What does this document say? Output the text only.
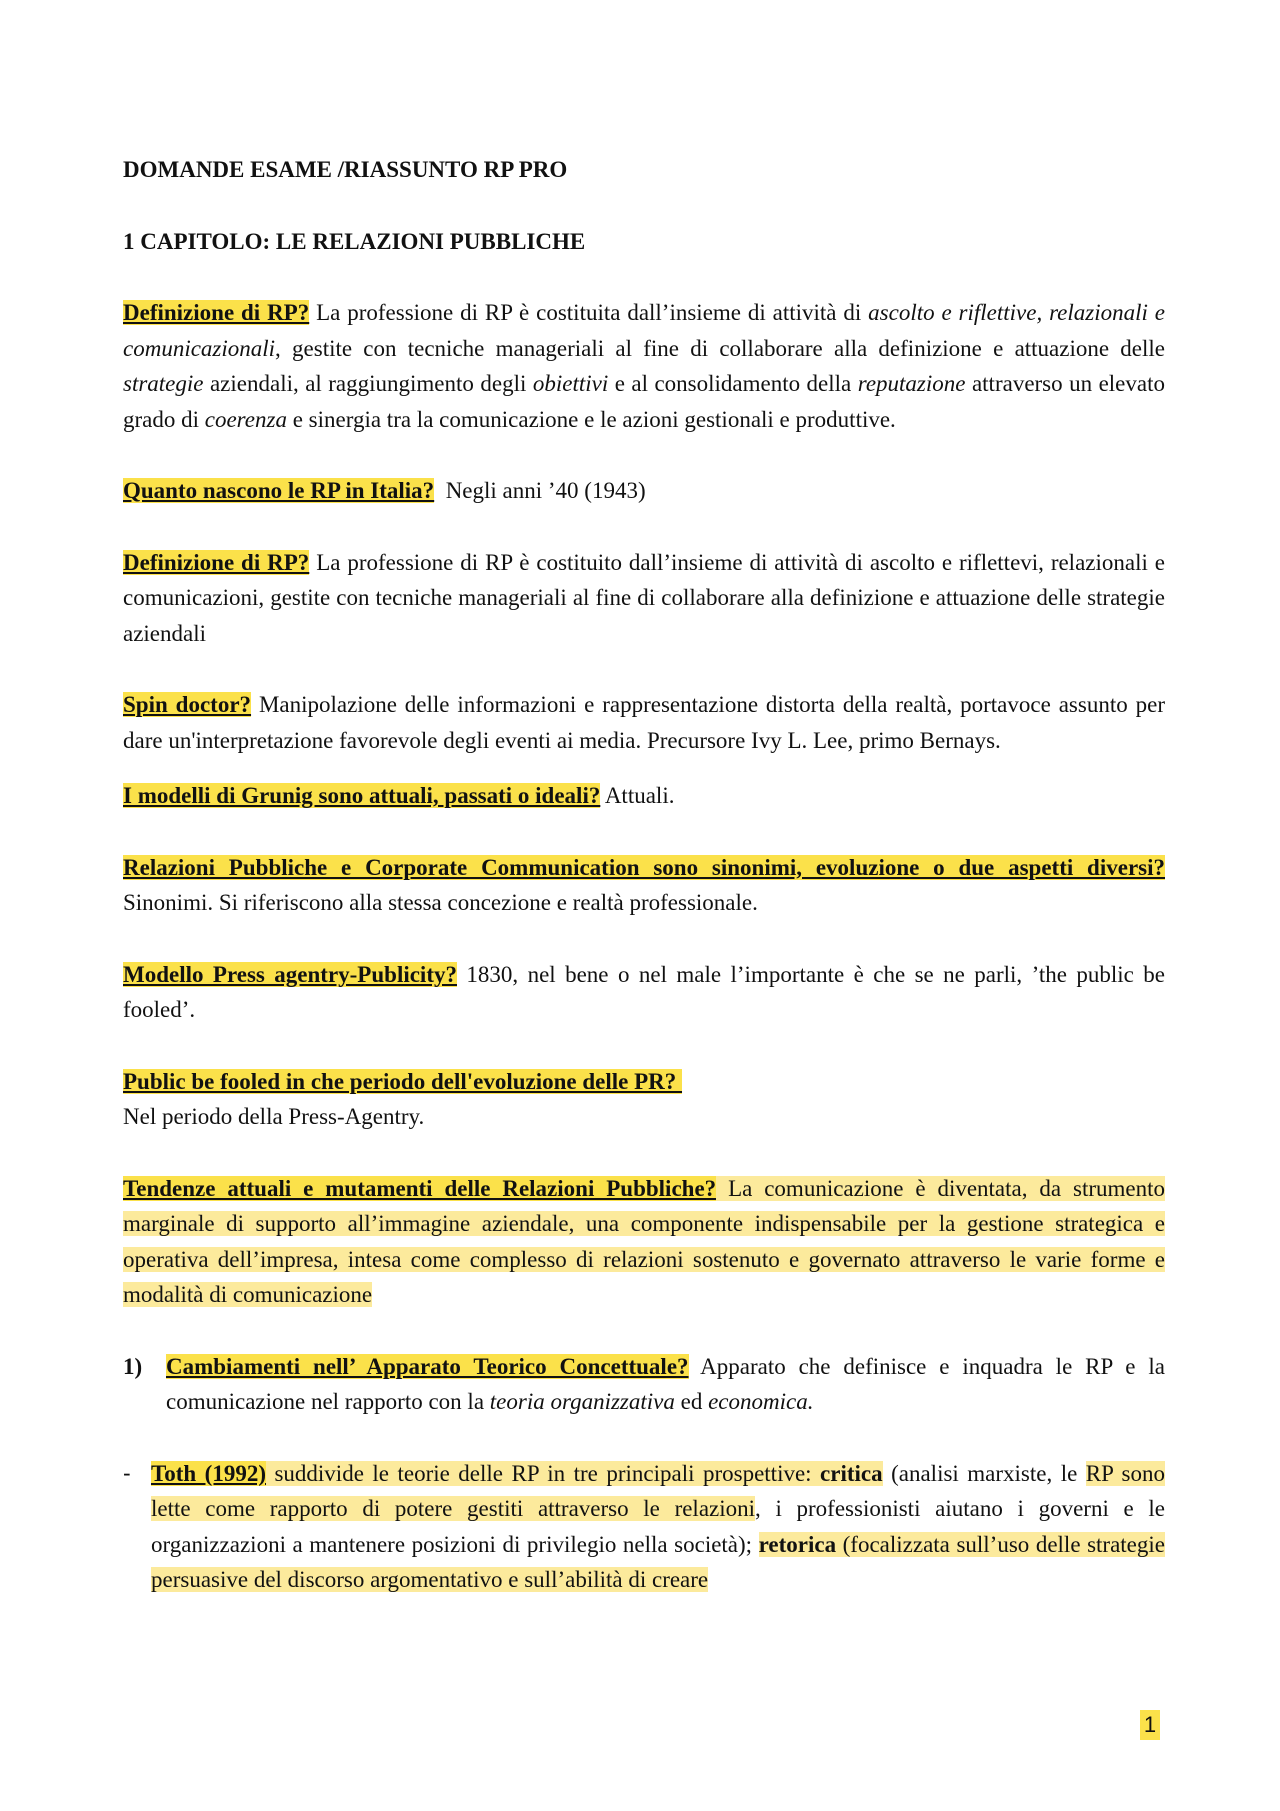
DOMANDE ESAME /RIASSUNTO RP PRO
1 CAPITOLO: LE RELAZIONI PUBBLICHE

Definizione di RP? La professione di RP è costituita dall’insieme di attività di ascolto e riflettive, relazionali e comunicazionali, gestite con tecniche manageriali al fine di collaborare alla definizione e attuazione delle strategie aziendali, al raggiungimento degli obiettivi e al consolidamento della reputazione attraverso un elevato grado di coerenza e sinergia tra la comunicazione e le azioni gestionali e produttive.

Quanto nascono le RP in Italia?  Negli anni ’40 (1943)

Definizione di RP? La professione di RP è costituito dall’insieme di attività di ascolto e riflettevi, relazionali e comunicazioni, gestite con tecniche manageriali al fine di collaborare alla definizione e attuazione delle strategie aziendali

Spin doctor? Manipolazione delle informazioni e rappresentazione distorta della realtà, portavoce assunto per dare un'interpretazione favorevole degli eventi ai media. Precursore Ivy L. Lee, primo Bernays.

I modelli di Grunig sono attuali, passati o ideali? Attuali.

Relazioni Pubbliche e Corporate Communication sono sinonimi, evoluzione o due aspetti diversi? Sinonimi. Si riferiscono alla stessa concezione e realtà professionale.

Modello Press agentry-Publicity? 1830, nel bene o nel male l’importante è che se ne parli, ’the public be fooled’.

Public be fooled in che periodo dell'evoluzione delle PR?
Nel periodo della Press-Agentry.

Tendenze attuali e mutamenti delle Relazioni Pubbliche? La comunicazione è diventata, da strumento marginale di supporto all’immagine aziendale, una componente indispensabile per la gestione strategica e operativa dell’impresa, intesa come complesso di relazioni sostenuto e governato attraverso le varie forme e modalità di comunicazione

1) Cambiamenti nell’ Apparato Teorico Concettuale? Apparato che definisce e inquadra le RP e la comunicazione nel rapporto con la teoria organizzativa ed economica.
- Toth (1992) suddivide le teorie delle RP in tre principali prospettive: critica (analisi marxiste, le RP sono lette come rapporto di potere gestiti attraverso le relazioni, i professionisti aiutano i governi e le organizzazioni a mantenere posizioni di privilegio nella società); retorica (focalizzata sull’uso delle strategie persuasive del discorso argomentativo e sull’abilità di creare
1
